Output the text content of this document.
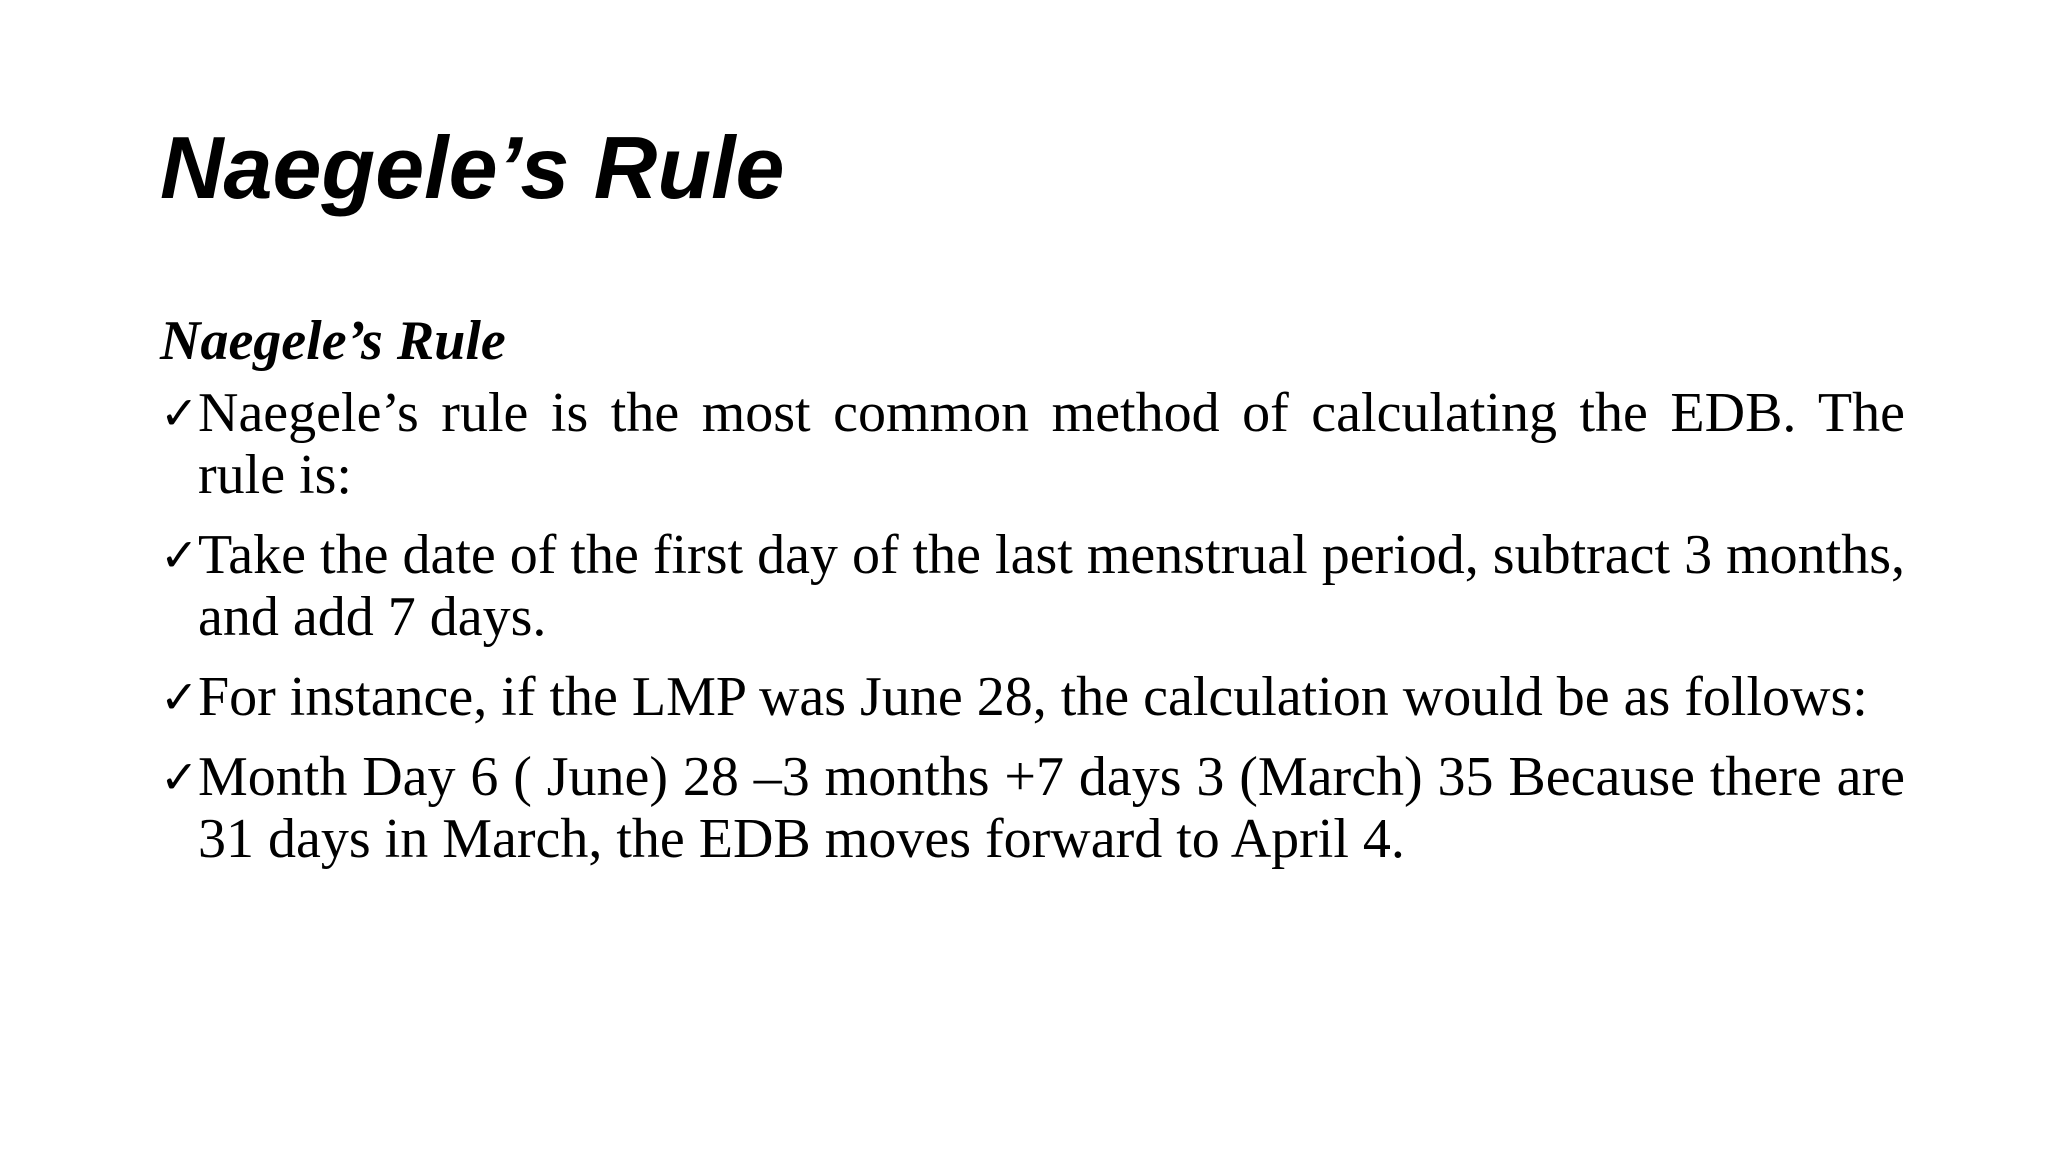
Naegele’s Rule

Naegele’s Rule

✓ Naegele’s rule is the most common method of calculating the EDB. The rule is:
✓ Take the date of the first day of the last menstrual period, subtract 3 months, and add 7 days.
✓ For instance, if the LMP was June 28, the calculation would be as follows:
✓ Month Day 6 ( June) 28 –3 months +7 days 3 (March) 35 Because there are 31 days in March, the EDB moves forward to April 4.
